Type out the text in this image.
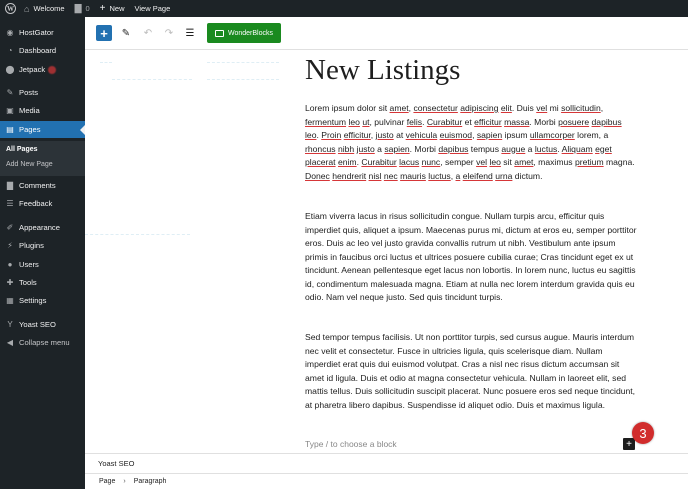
W ⌂ Welcome ▇ 0 + New View Page
◉ HostGator
◔ Dashboard
⬤ Jetpack
✎ Posts
▣ Media
▤ Pages
All Pages
Add New Page
▇ Comments
☰ Feedback
✐ Appearance
⚡ Plugins
● Users
✚ Tools
▦ Settings
Y Yoast SEO
◀ Collapse menu
+ ✎ ↶ ↷ ☰	WonderBlocks
New Listings
Lorem ipsum dolor sit amet, consectetur adipiscing elit. Duis vel mi sollicitudin, fermentum leo ut, pulvinar felis. Curabitur et efficitur massa. Morbi posuere dapibus leo. Proin efficitur, justo at vehicula euismod, sapien ipsum ullamcorper lorem, a rhoncus nibh justo a sapien. Morbi dapibus tempus augue a luctus. Aliquam eget placerat enim. Curabitur lacus nunc, semper vel leo sit amet, maximus pretium magna. Donec hendrerit nisl nec mauris luctus, a eleifend urna dictum.
Etiam viverra lacus in risus sollicitudin congue. Nullam turpis arcu, efficitur quis imperdiet quis, aliquet a ipsum. Maecenas purus mi, dictum at eros eu, semper porttitor eros. Duis ac leo vel justo gravida convallis rutrum ut nibh. Vestibulum ante ipsum primis in faucibus orci luctus et ultrices posuere cubilia curae; Cras tincidunt eget ex ut tincidunt. Aenean pellentesque eget lacus non lobortis. In lorem nunc, luctus eu sagittis id, condimentum malesuada magna. Etiam at nulla nec lorem interdum gravida quis eu odio. Nam vel neque justo. Sed quis tincidunt turpis.
Sed tempor tempus facilisis. Ut non porttitor turpis, sed cursus augue. Mauris interdum nec velit et consectetur. Fusce in ultricies ligula, quis scelerisque diam. Nullam imperdiet erat quis dui euismod volutpat. Cras a nisl nec risus dictum accumsan sit amet id ligula. Duis et odio at magna consectetur vehicula. Nullam in laoreet elit, sed mattis tellus. Duis sollicitudin suscipit placerat. Nunc posuere eros sed neque tincidunt, at pharetra libero dapibus. Suspendisse id aliquet odio. Duis et maximus ligula.
Type / to choose a block	+
3
Yoast SEO
Page › Paragraph
